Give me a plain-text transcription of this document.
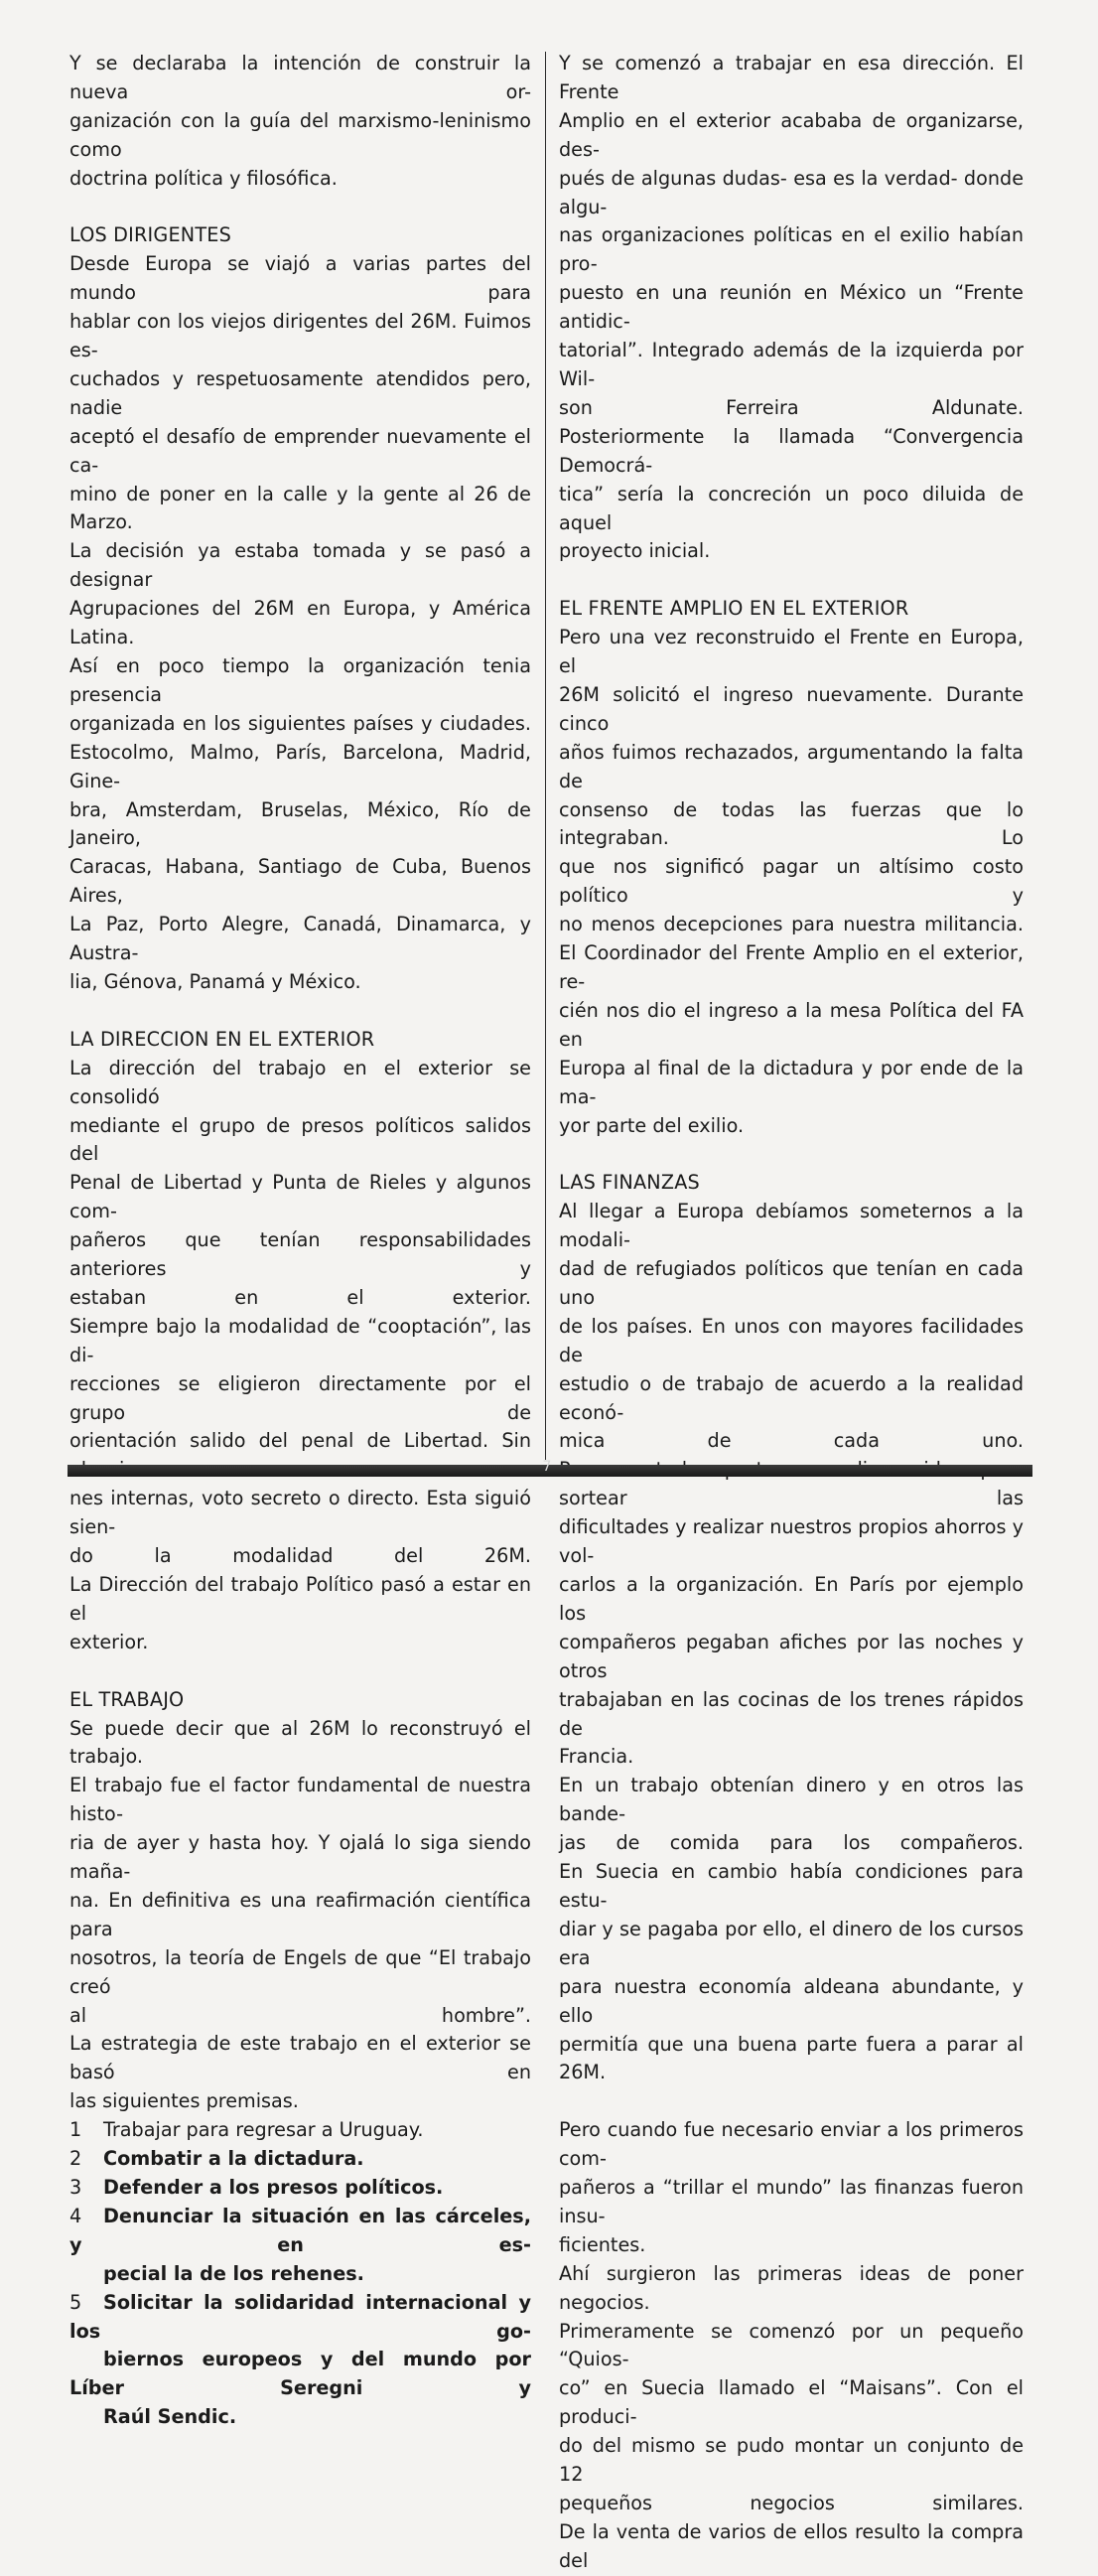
Y se declaraba la intención de construir la nueva or-

ganización con la guía del marxismo-leninismo como

doctrina política y filosófica.

LOS DIRIGENTES

Desde Europa se viajó a varias partes del mundo para

hablar con los viejos dirigentes del 26M. Fuimos es-

cuchados y respetuosamente atendidos pero, nadie

aceptó el desafío de emprender nuevamente el ca-

mino de poner en la calle y la gente al 26 de Marzo.

La decisión ya estaba tomada y se pasó a designar

Agrupaciones del 26M en Europa, y América Latina.

Así en poco tiempo la organización tenia presencia

organizada en los siguientes países y ciudades.

Estocolmo, Malmo, París, Barcelona, Madrid, Gine-

bra, Amsterdam, Bruselas, México, Río de Janeiro,

Caracas, Habana, Santiago de Cuba, Buenos Aires,

La Paz, Porto Alegre, Canadá, Dinamarca, y Austra-

lia, Génova, Panamá y México.

LA DIRECCION EN EL EXTERIOR

La dirección del trabajo en el exterior se consolidó

mediante el grupo de presos políticos salidos del

Penal de Libertad y Punta de Rieles y algunos com-

pañeros que tenían responsabilidades anteriores y

estaban en el exterior.

Siempre bajo la modalidad de “cooptación”, las di-

recciones se eligieron directamente por el grupo de

orientación salido del penal de Libertad. Sin

nes internas, voto secreto o directo. Esta siguió sien-

do la modalidad del 26M.

La Dirección del trabajo Político pasó a estar en el

exterior.

EL TRABAJO

Se puede decir que al 26M lo reconstruyó el trabajo.

El trabajo fue el factor fundamental de nuestra histo-

ria de ayer y hasta hoy. Y ojalá lo siga siendo maña-

na. En definitiva es una reafirmación científica para

nosotros, la teoría de Engels de que “El trabajo creó

al hombre”.

La estrategia de este trabajo en el exterior se basó en

las siguientes premisas.

1 Trabajar para regresar a Uruguay.

2 Combatir a la dictadura.

3 Defender a los presos políticos.

4 Denunciar la situación en las cárceles, y en es-

pecial la de los rehenes.

5 Solicitar la solidaridad internacional y los go-

biernos europeos y del mundo por Líber Seregni y

Raúl Sendic.

Y se comenzó a trabajar en esa dirección. El Frente

Amplio en el exterior acababa de organizarse, des-

pués de algunas dudas- esa es la verdad- donde algu-

nas organizaciones políticas en el exilio habían pro-

puesto en una reunión en México un “Frente antidic-

tatorial”. Integrado además de la izquierda por Wil-

son Ferreira Aldunate.

Posteriormente la llamada “Convergencia Democrá-

tica” sería la concreción un poco diluida de aquel

proyecto inicial.

EL FRENTE AMPLIO EN EL EXTERIOR

Pero una vez reconstruido el Frente en Europa, el

26M solicitó el ingreso nuevamente. Durante cinco

años fuimos rechazados, argumentando la falta de

consenso de todas las fuerzas que lo integraban. Lo

que nos significó pagar un altísimo costo político y

no menos decepciones para nuestra militancia.

El Coordinador del Frente Amplio en el exterior, re-

cién nos dio el ingreso a la mesa Política del FA en

Europa al final de la dictadura y por ende de la ma-

yor parte del exilio.

LAS FINANZAS

Al llegar a Europa debíamos someternos a la modali-

dad de refugiados políticos que tenían en cada uno

de los países. En unos con mayores facilidades de

estudio o de trabajo de acuerdo a la realidad econó-

mica de cada uno.

sortear las

dificultades y realizar nuestros propios ahorros y vol-

carlos a la organización. En París por ejemplo los

compañeros pegaban afiches por las noches y otros

trabajaban en las cocinas de los trenes rápidos de

Francia.

En un trabajo obtenían dinero y en otros las bande-

jas de comida para los compañeros.

En Suecia en cambio había condiciones para estu-

diar y se pagaba por ello, el dinero de los cursos era

para nuestra economía aldeana abundante, y ello

permitía que una buena parte fuera a parar al 26M.

Pero cuando fue necesario enviar a los primeros com-

pañeros a “trillar el mundo” las finanzas fueron insu-

ficientes.

Ahí surgieron las primeras ideas de poner negocios.

Primeramente se comenzó por un pequeño “Quios-

co” en Suecia llamado el “Maisans”. Con el produci-

do del mismo se pudo montar un conjunto de 12

pequeños negocios similares.

De la venta de varios de ellos resulto la compra del

7
